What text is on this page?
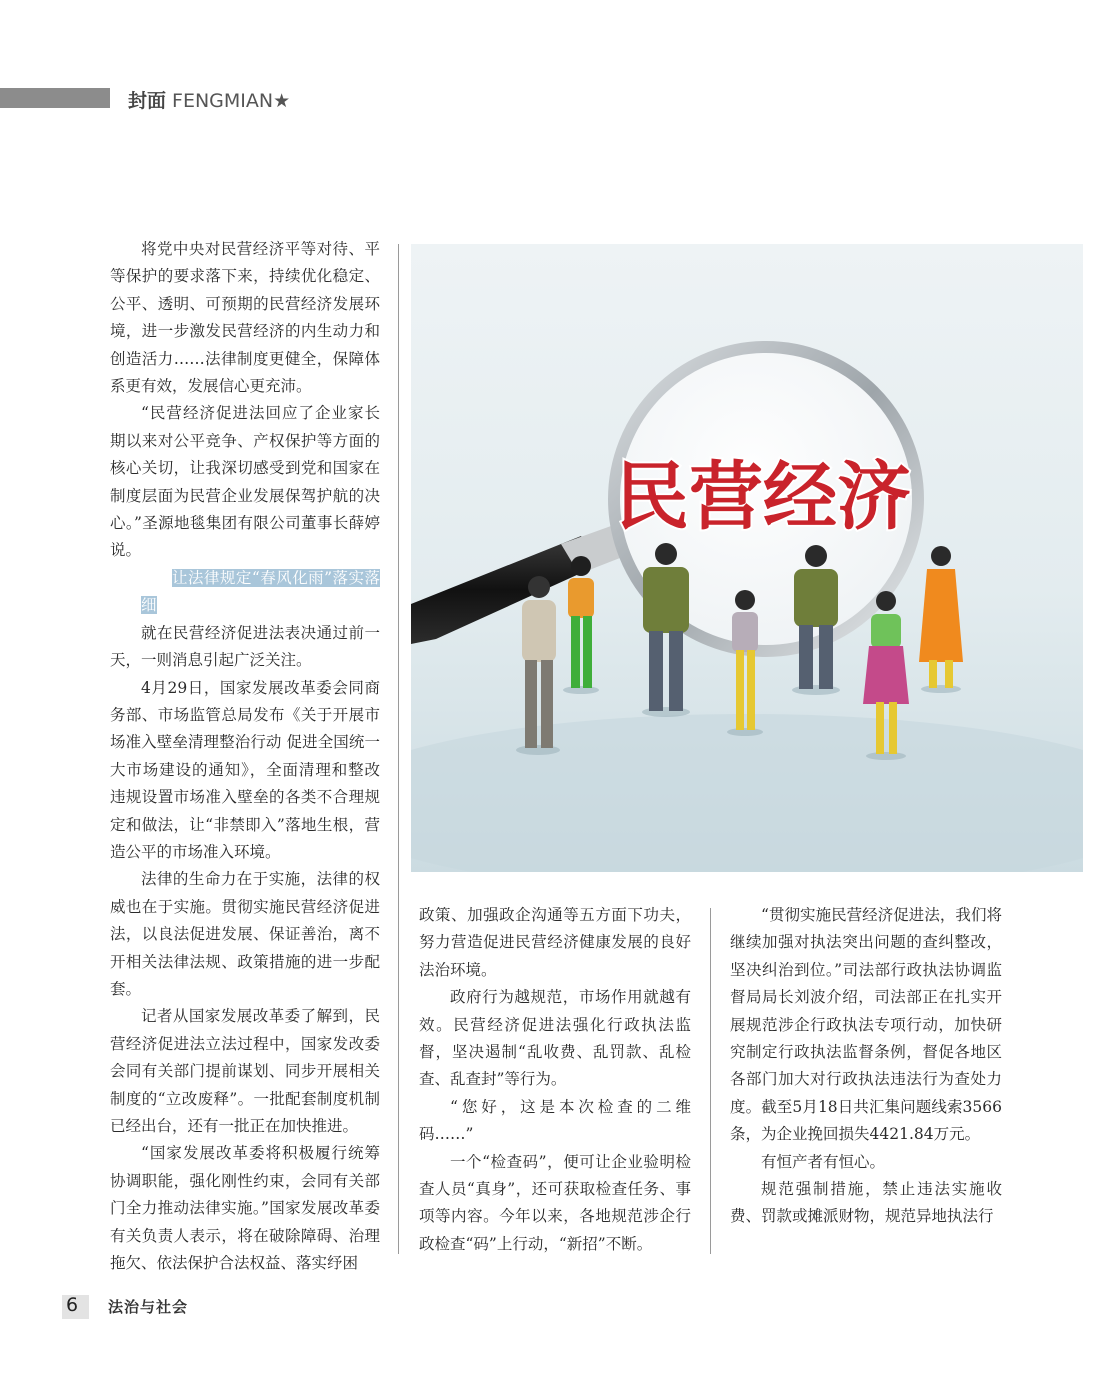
封面 FENGMIAN★

将党中央对民营经济平等对待、平等保护的要求落下来，持续优化稳定、公平、透明、可预期的民营经济发展环境，进一步激发民营经济的内生动力和创造活力……法律制度更健全，保障体系更有效，发展信心更充沛。

“民营经济促进法回应了企业家长期以来对公平竞争、产权保护等方面的核心关切，让我深切感受到党和国家在制度层面为民营企业发展保驾护航的决心。”圣源地毯集团有限公司董事长薛婷说。

让法律规定“春风化雨”落实落细

就在民营经济促进法表决通过前一天，一则消息引起广泛关注。

4月29日，国家发展改革委会同商务部、市场监管总局发布《关于开展市场准入壁垒清理整治行动 促进全国统一大市场建设的通知》，全面清理和整改违规设置市场准入壁垒的各类不合理规定和做法，让“非禁即入”落地生根，营造公平的市场准入环境。

法律的生命力在于实施，法律的权威也在于实施。贯彻实施民营经济促进法，以良法促进发展、保证善治，离不开相关法律法规、政策措施的进一步配套。

记者从国家发展改革委了解到，民营经济促进法立法过程中，国家发改委会同有关部门提前谋划、同步开展相关制度的“立改废释”。一批配套制度机制已经出台，还有一批正在加快推进。

“国家发展改革委将积极履行统筹协调职能，强化刚性约束，会同有关部门全力推动法律实施。”国家发展改革委有关负责人表示，将在破除障碍、治理拖欠、依法保护合法权益、落实纾困

民营经济

政策、加强政企沟通等五方面下功夫，努力营造促进民营经济健康发展的良好法治环境。

政府行为越规范，市场作用就越有效。民营经济促进法强化行政执法监督，坚决遏制“乱收费、乱罚款、乱检查、乱查封”等行为。

“您好，这是本次检查的二维码……”

一个“检查码”，便可让企业验明检查人员“真身”，还可获取检查任务、事项等内容。今年以来，各地规范涉企行政检查“码”上行动，“新招”不断。

“贯彻实施民营经济促进法，我们将继续加强对执法突出问题的查纠整改，坚决纠治到位。”司法部行政执法协调监督局局长刘波介绍，司法部正在扎实开展规范涉企行政执法专项行动，加快研究制定行政执法监督条例，督促各地区各部门加大对行政执法违法行为查处力度。截至5月18日共汇集问题线索3566条，为企业挽回损失4421.84万元。

有恒产者有恒心。

规范强制措施，禁止违法实施收费、罚款或摊派财物，规范异地执法行

6 法治与社会
